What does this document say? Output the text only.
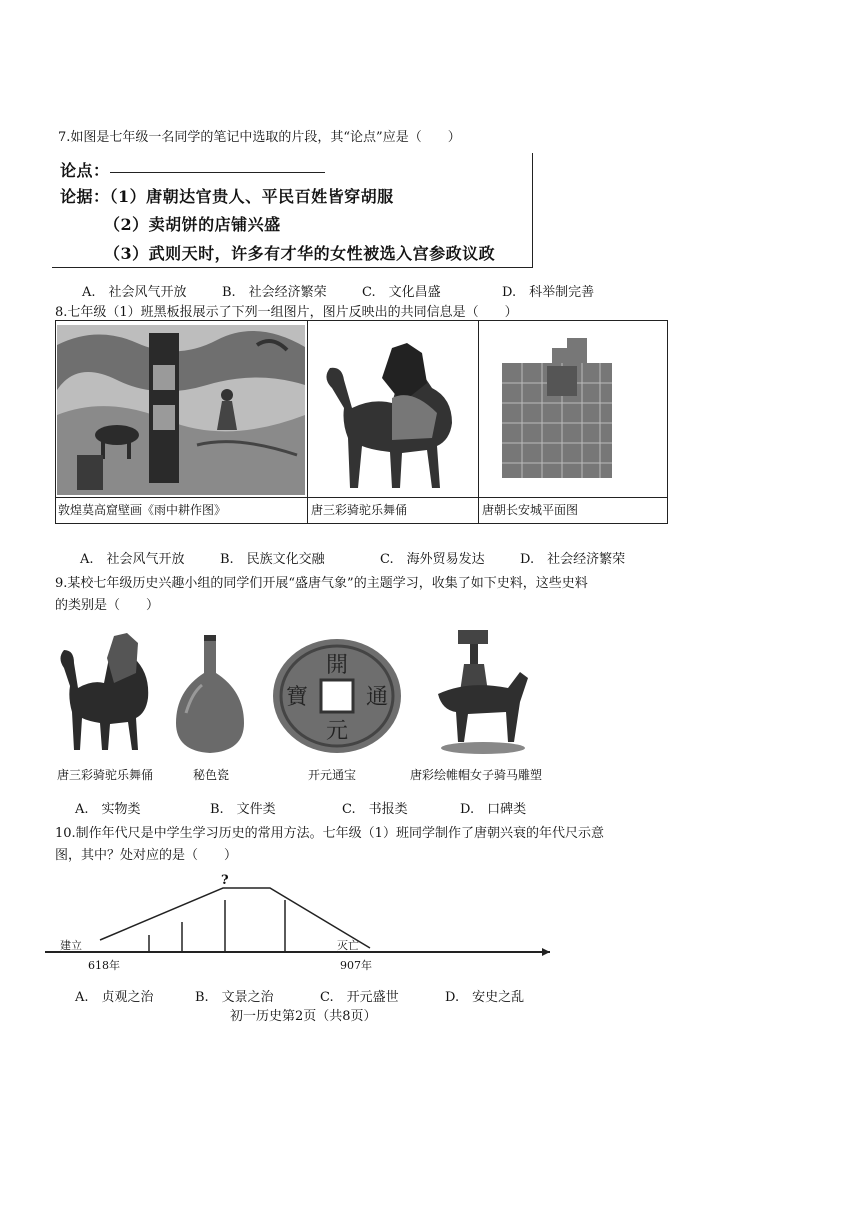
7.如图是七年级一名同学的笔记中选取的片段，其“论点”应是（　　）
论点：
论据：（1）唐朝达官贵人、平民百姓皆穿胡服
（2）卖胡饼的店铺兴盛
（3）武则天时，许多有才华的女性被选入宫参政议政
A.　社会风气开放	B.　社会经济繁荣	C.　文化昌盛	D.　科举制完善
8.七年级（1）班黑板报展示了下列一组图片，图片反映出的共同信息是（　　）
敦煌莫高窟壁画《雨中耕作图》	唐三彩骑驼乐舞俑	唐朝长安城平面图
A.　社会风气开放	B.　民族文化交融	C.　海外贸易发达	D.　社会经济繁荣
9.某校七年级历史兴趣小组的同学们开展“盛唐气象”的主题学习，收集了如下史料，这些史料
的类别是（　　）
開
元
通
寶
唐三彩骑驼乐舞俑	秘色瓷	开元通宝	唐彩绘帷帽女子骑马雕塑
A.　实物类	B.　文件类	C.　书报类	D.　口碑类
10.制作年代尺是中学生学习历史的常用方法。七年级（1）班同学制作了唐朝兴衰的年代尺示意
图，其中？处对应的是（　　）
?
建立	灭亡
618年	907年
A.　贞观之治	B.　文景之治	C.　开元盛世	D.　安史之乱
初一历史第2页（共8页）
